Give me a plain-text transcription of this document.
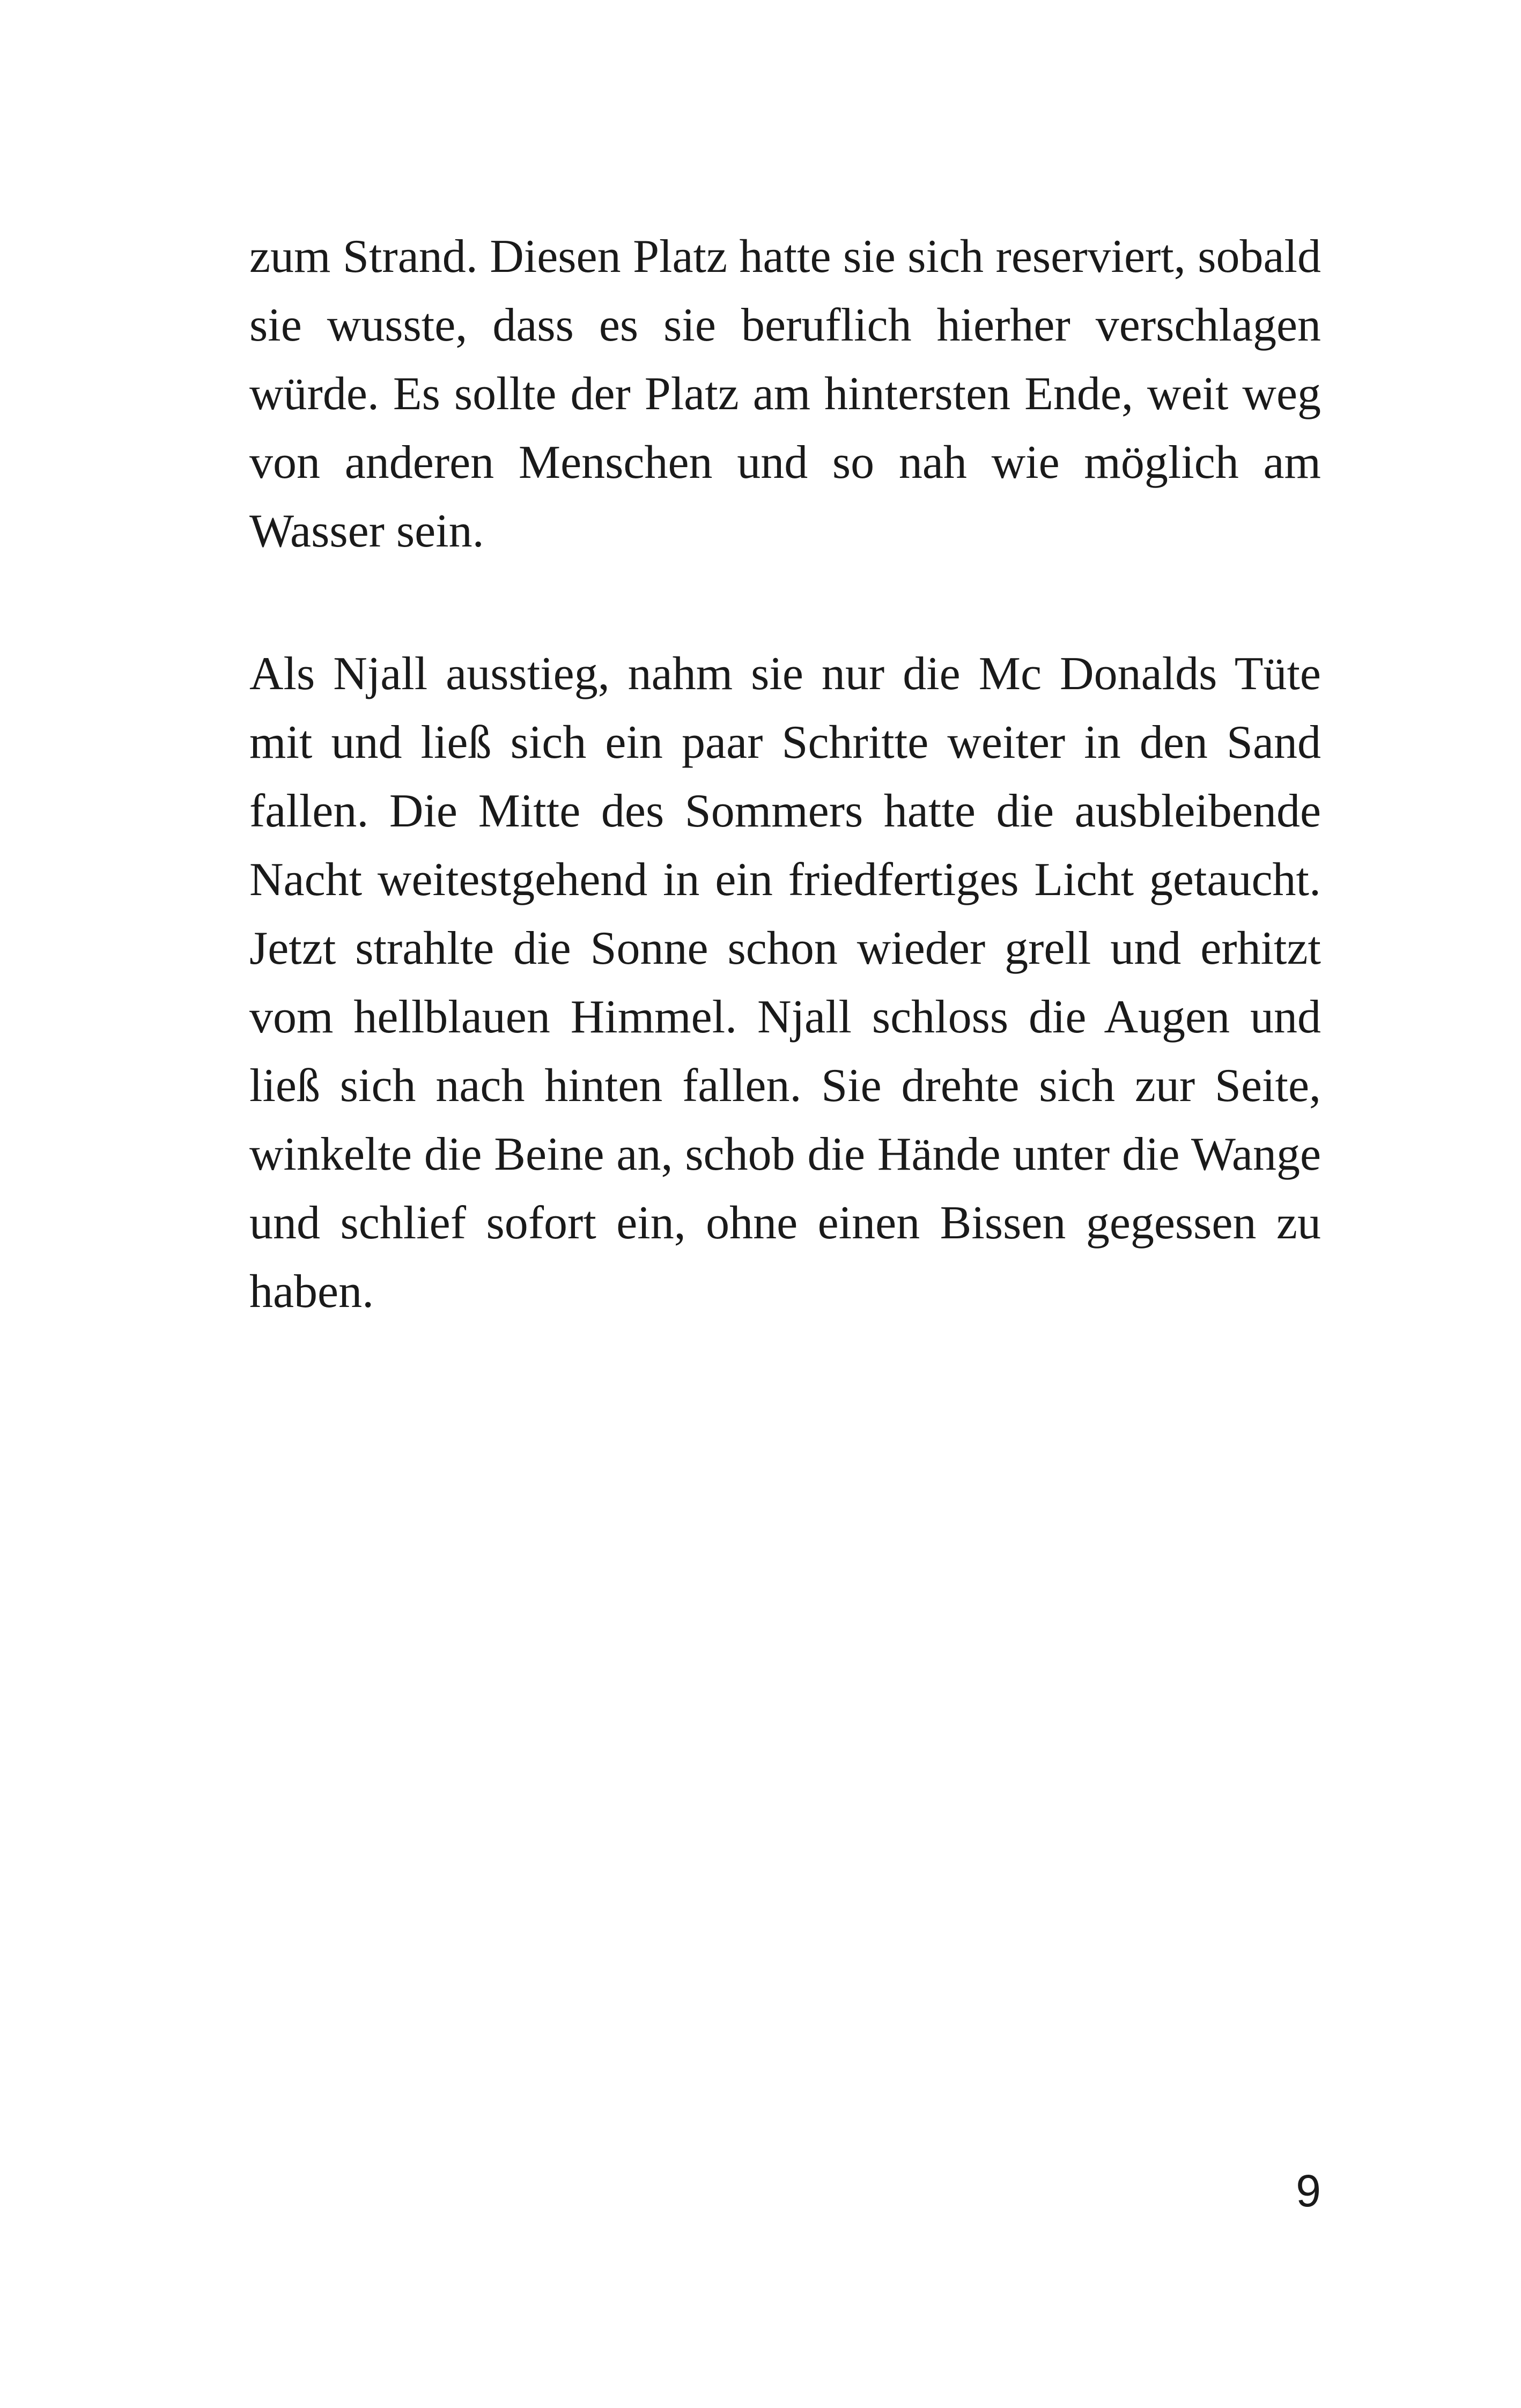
zum Strand. Diesen Platz hatte sie sich reserviert, sobald
sie wusste, dass es sie beruflich hierher verschlagen
würde. Es sollte der Platz am hintersten Ende, weit weg
von anderen Menschen und so nah wie möglich am
Wasser sein.
Als Njall ausstieg, nahm sie nur die Mc Donalds Tüte
mit und ließ sich ein paar Schritte weiter in den Sand
fallen. Die Mitte des Sommers hatte die ausbleibende
Nacht weitestgehend in ein friedfertiges Licht getaucht.
Jetzt strahlte die Sonne schon wieder grell und erhitzt
vom hellblauen Himmel. Njall schloss die Augen und
ließ sich nach hinten fallen. Sie drehte sich zur Seite,
winkelte die Beine an, schob die Hände unter die Wange
und schlief sofort ein, ohne einen Bissen gegessen zu
haben.
9
